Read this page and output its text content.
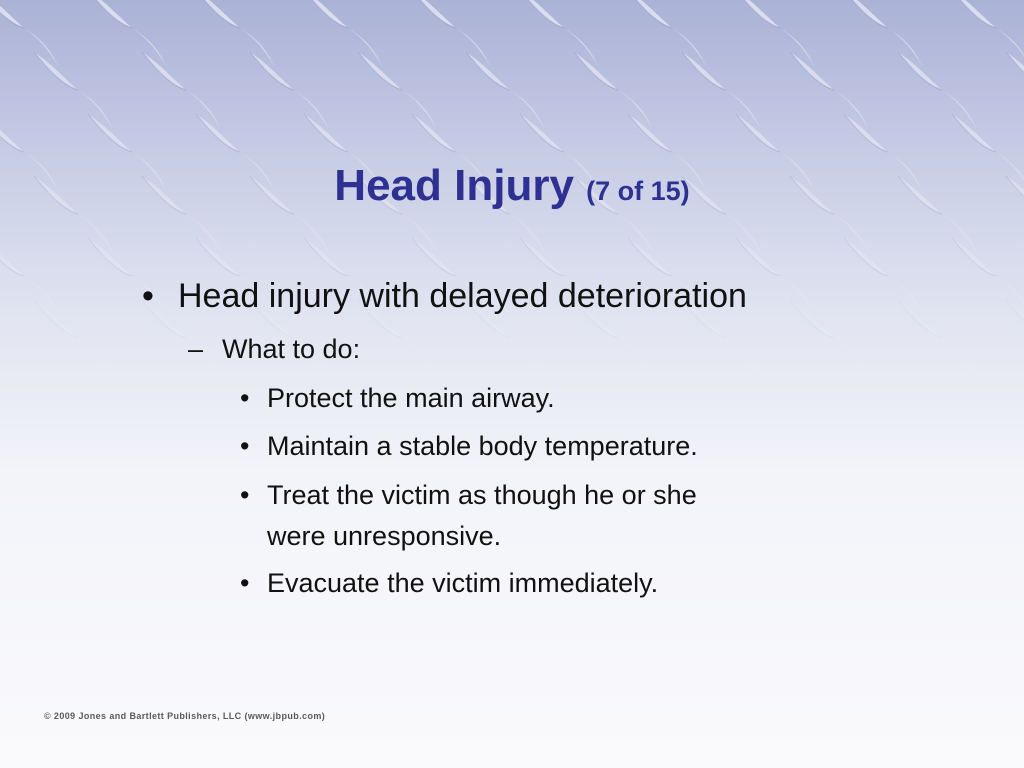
Head Injury (7 of 15)
• Head injury with delayed deterioration
– What to do:
• Protect the main airway.
• Maintain a stable body temperature.
• Treat the victim as though he or she
were unresponsive.
• Evacuate the victim immediately.
© 2009 Jones and Bartlett Publishers, LLC (www.jbpub.com)
